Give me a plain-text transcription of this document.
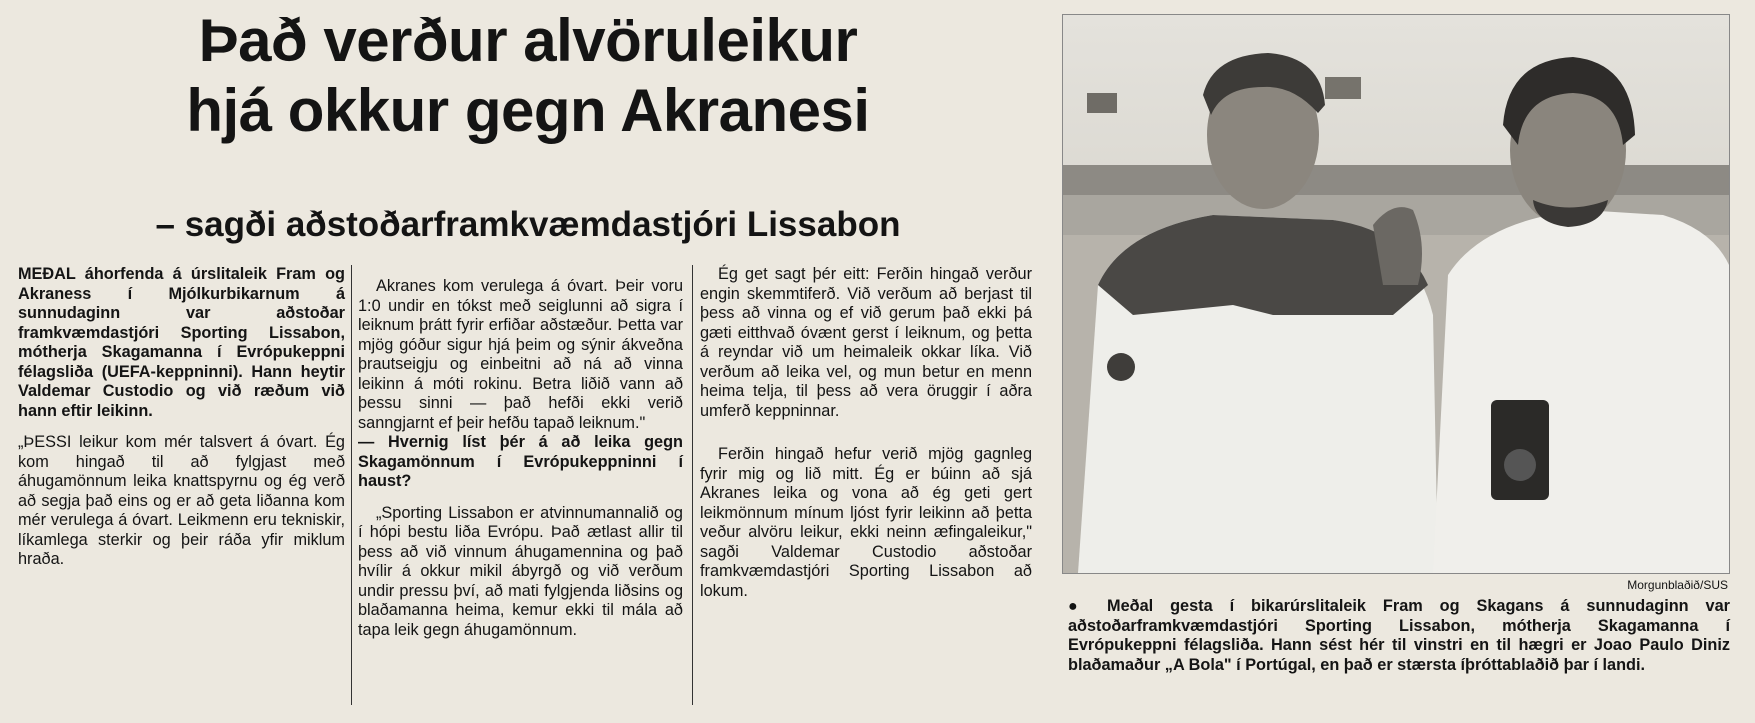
Það verður alvöruleikur
hjá okkur gegn Akranesi
– sagði aðstoðarframkvæmdastjóri Lissabon

MEÐAL áhorfenda á úrslitaleik Fram og Akraness í Mjólkurbikarnum á sunnudaginn var aðstoðar framkvæmdastjóri Sporting Lissabon, mótherja Skagamanna í Evrópukeppni félagsliða (UEFA-keppninni). Hann heytir Valdemar Custodio og við ræðum við hann eftir leikinn.

„ÞESSI leikur kom mér talsvert á óvart. Ég kom hingað til að fylgjast með áhugamönnum leika knattspyrnu og ég verð að segja það eins og er að geta liðanna kom mér verulega á óvart. Leikmenn eru tekniskir, líkamlega sterkir og þeir ráða yfir miklum hraða.

Akranes kom verulega á óvart. Þeir voru 1:0 undir en tókst með seiglunni að sigra í leiknum þrátt fyrir erfiðar aðstæður. Þetta var mjög góður sigur hjá þeim og sýnir ákveðna þrautseigju og einbeitni að ná að vinna leikinn á móti rokinu. Betra liðið vann að þessu sinni — það hefði ekki verið sanngjarnt ef þeir hefðu tapað leiknum."

— Hvernig líst þér á að leika gegn Skagamönnum í Evrópukeppninni í haust?

„Sporting Lissabon er atvinnumannalið og í hópi bestu liða Evrópu. Það ætlast allir til þess að við vinnum áhugamennina og það hvílir á okkur mikil ábyrgð og við verðum undir pressu því, að mati fylgjenda liðsins og blaðamanna heima, kemur ekki til mála að tapa leik gegn áhugamönnum.

Ég get sagt þér eitt: Ferðin hingað verður engin skemmtiferð. Við verðum að berjast til þess að vinna og ef við gerum það ekki þá gæti eitthvað óvænt gerst í leiknum, og þetta á reyndar við um heimaleik okkar líka. Við verðum að leika vel, og mun betur en menn heima telja, til þess að vera öruggir í aðra umferð keppninnar.

Ferðin hingað hefur verið mjög gagnleg fyrir mig og lið mitt. Ég er búinn að sjá Akranes leika og vona að ég geti gert leikmönnum mínum ljóst fyrir leikinn að þetta veður alvöru leikur, ekki neinn æfingaleikur," sagði Valdemar Custodio aðstoðar framkvæmdastjóri Sporting Lissabon að lokum.	Morgunblaðið/SUS
● Meðal gesta í bikarúrslitaleik Fram og Skagans á sunnudaginn var aðstoðarframkvæmdastjóri Sporting Lissabon, mótherja Skagamanna í Evrópukeppni félagsliða. Hann sést hér til vinstri en til hægri er Joao Paulo Diniz blaðamaður „A Bola" í Portúgal, en það er stærsta íþróttablaðið þar í landi.
